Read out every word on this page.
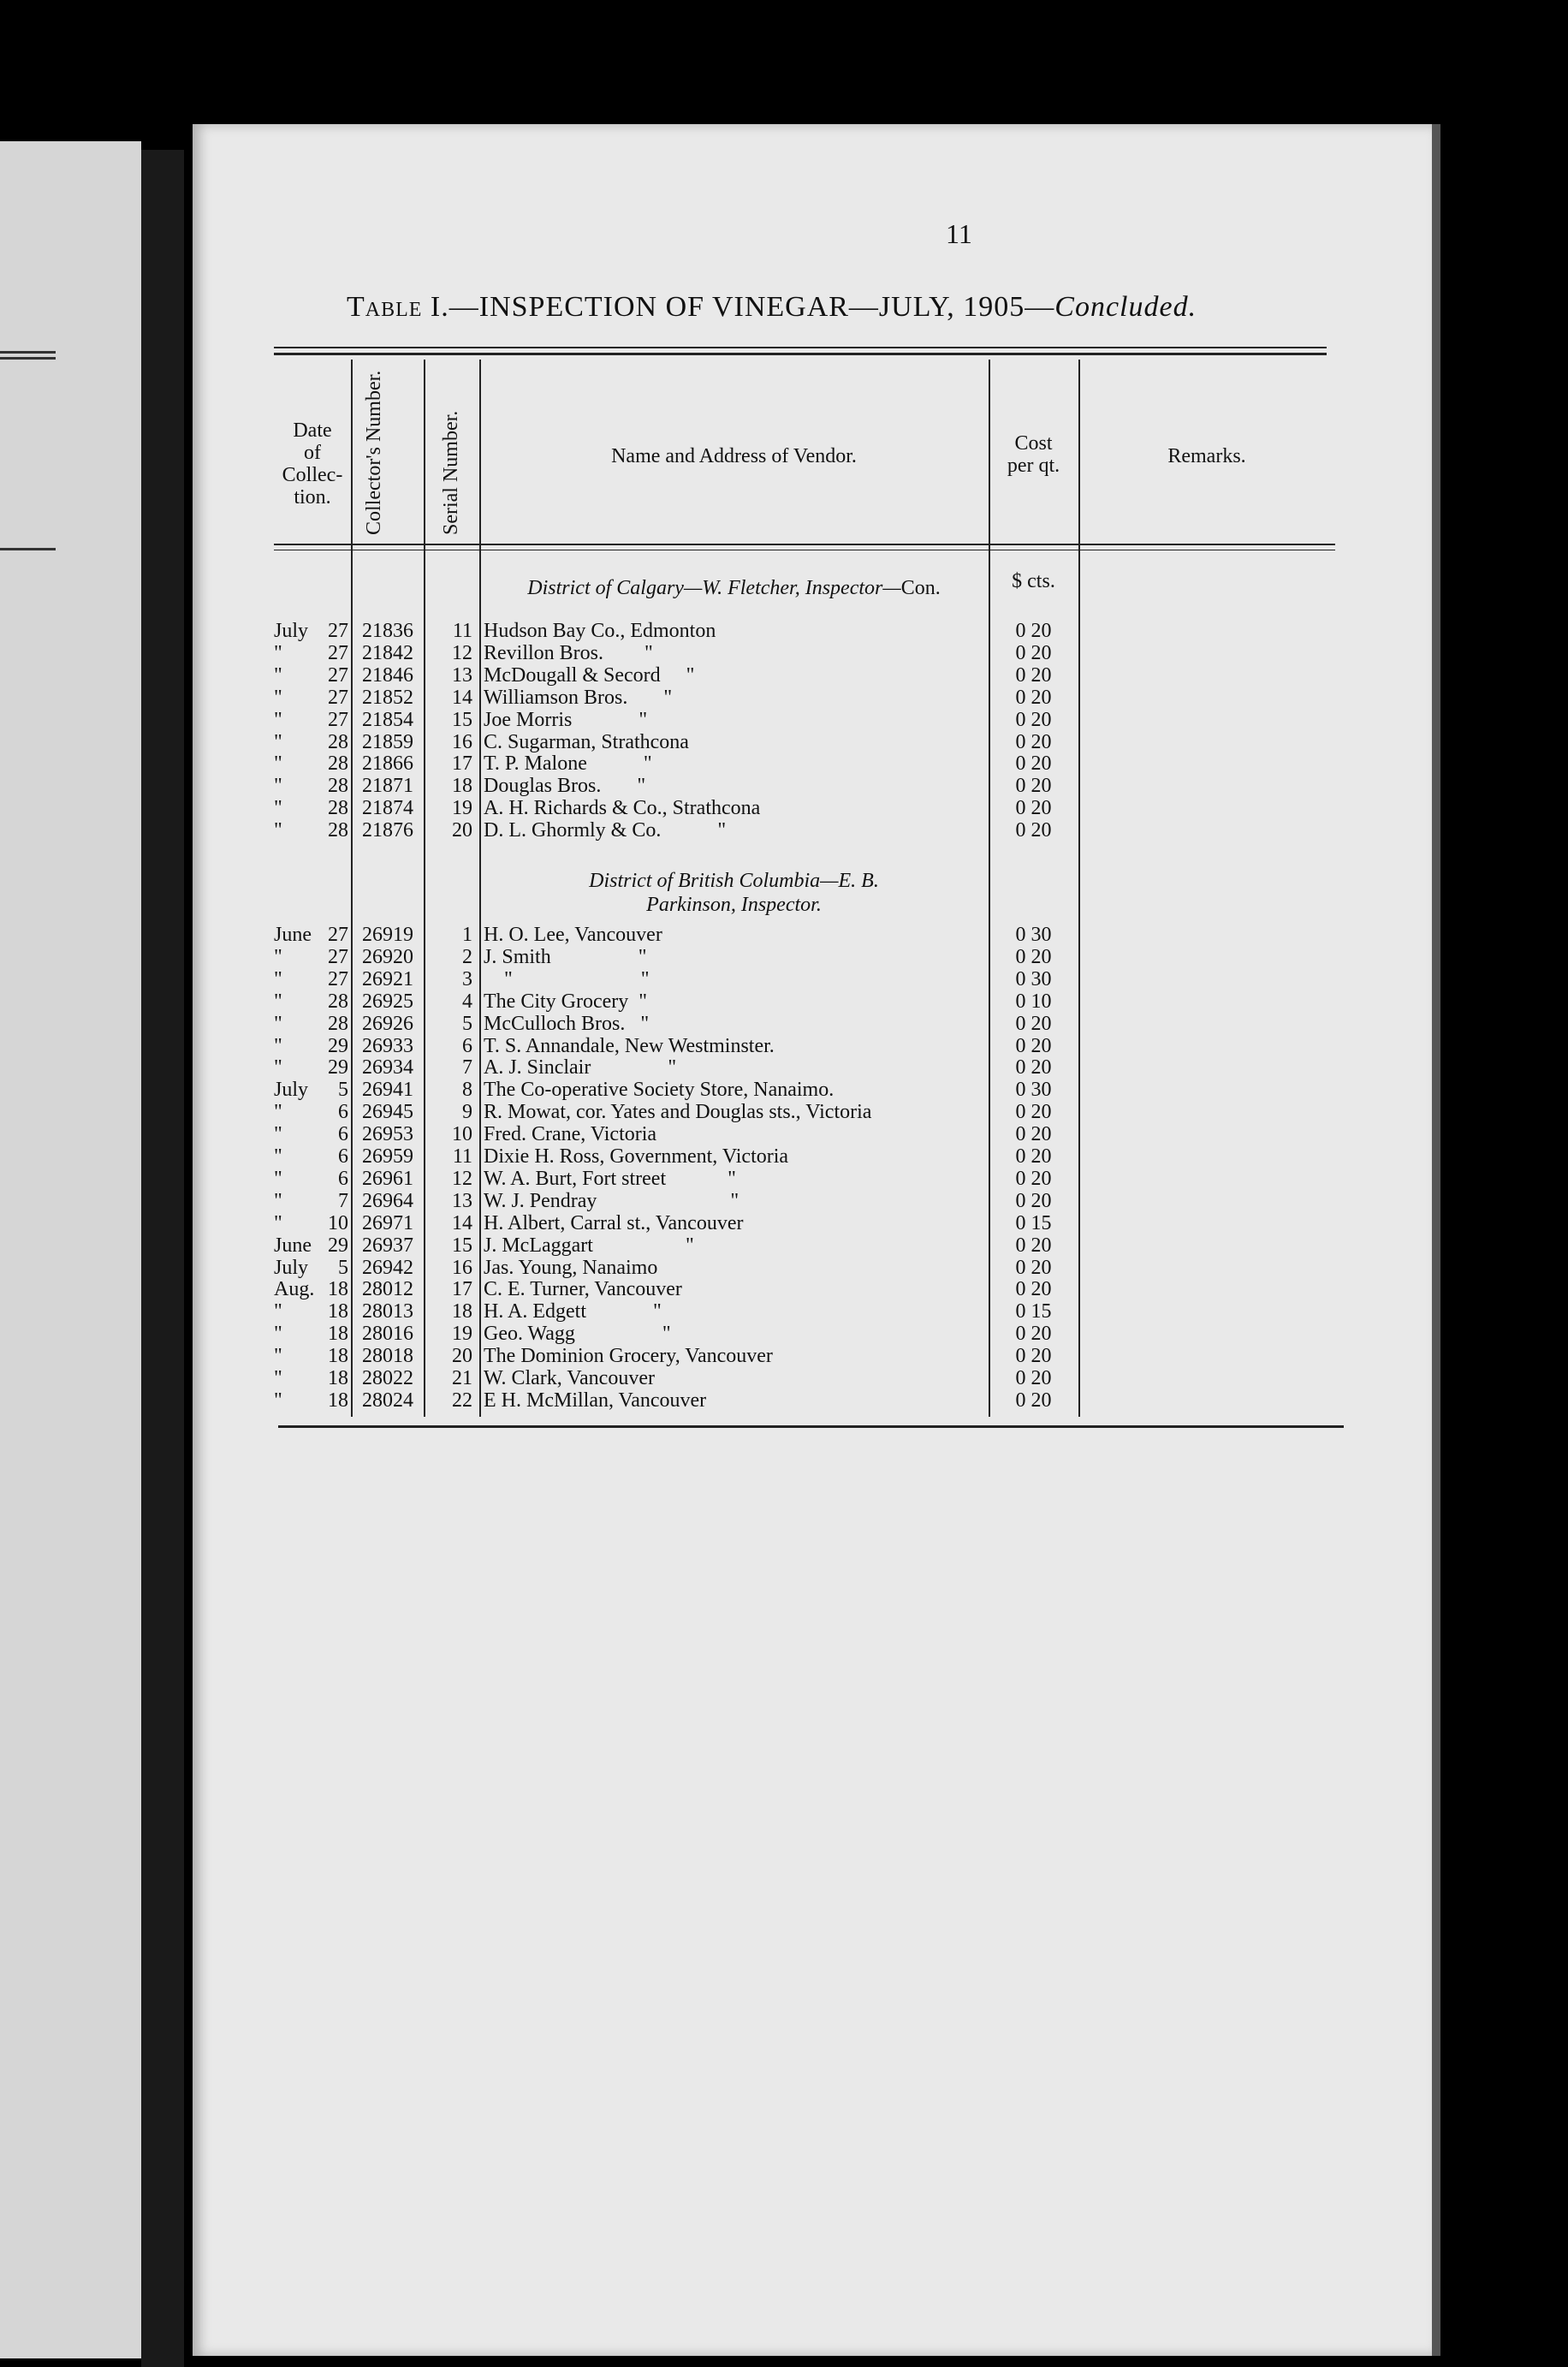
11
Table I.—INSPECTION OF VINEGAR—JULY, 1905—Concluded.
Date
of
Collec-
tion.	Collector's Number.	Serial Number.	Name and Address of Vendor.
Cost
per qt.	Remarks.
District of Calgary—W. Fletcher, Inspector—Con.	$ cts.
District of British Columbia—E. B.
Parkinson, Inspector.
July 27 21836	11 Hudson Bay Co., Edmonton	0 20
"	27 21842	12 Revillon Bros.        "	0 20
"	27 21846	13 McDougall & Secord     "	0 20
"	27 21852	14 Williamson Bros.       "	0 20
"	27 21854	15 Joe Morris             "	0 20
"	28 21859	16 C. Sugarman, Strathcona	0 20
"	28 21866	17 T. P. Malone           "	0 20
"	28 21871	18 Douglas Bros.       "	0 20
"	28 21874	19 A. H. Richards & Co., Strathcona	0 20
"	28 21876	20 D. L. Ghormly & Co.           "	0 20
June 27 26919	1 H. O. Lee, Vancouver	0 30
"	27 26920	2 J. Smith                 "	0 20
"	27 26921	3 "                         "	0 30
"	28 26925	4 The City Grocery  "	0 10
"	28 26926	5 McCulloch Bros.   "	0 20
"	29 26933	6 T. S. Annandale, New Westminster.	0 20
"	29 26934	7 A. J. Sinclair               "	0 20
July	5 26941	8 The Co-operative Society Store, Nanaimo.	0 30
"	6 26945	9 R. Mowat, cor. Yates and Douglas sts., Victoria	0 20
"	6 26953	10 Fred. Crane, Victoria	0 20
"	6 26959	11 Dixie H. Ross, Government, Victoria	0 20
"	6 26961	12 W. A. Burt, Fort street            "	0 20
"	7 26964	13 W. J. Pendray                          "	0 20
"	10 26971	14 H. Albert, Carral st., Vancouver	0 15
June 29 26937	15 J. McLaggart                  "	0 20
July	5 26942	16 Jas. Young, Nanaimo	0 20
Aug. 18 28012	17 C. E. Turner, Vancouver	0 20
"	18 28013	18 H. A. Edgett             "	0 15
"	18 28016	19 Geo. Wagg                 "	0 20
"	18 28018	20 The Dominion Grocery, Vancouver	0 20
"	18 28022	21 W. Clark, Vancouver	0 20
"	18 28024	22 E H. McMillan, Vancouver	0 20
